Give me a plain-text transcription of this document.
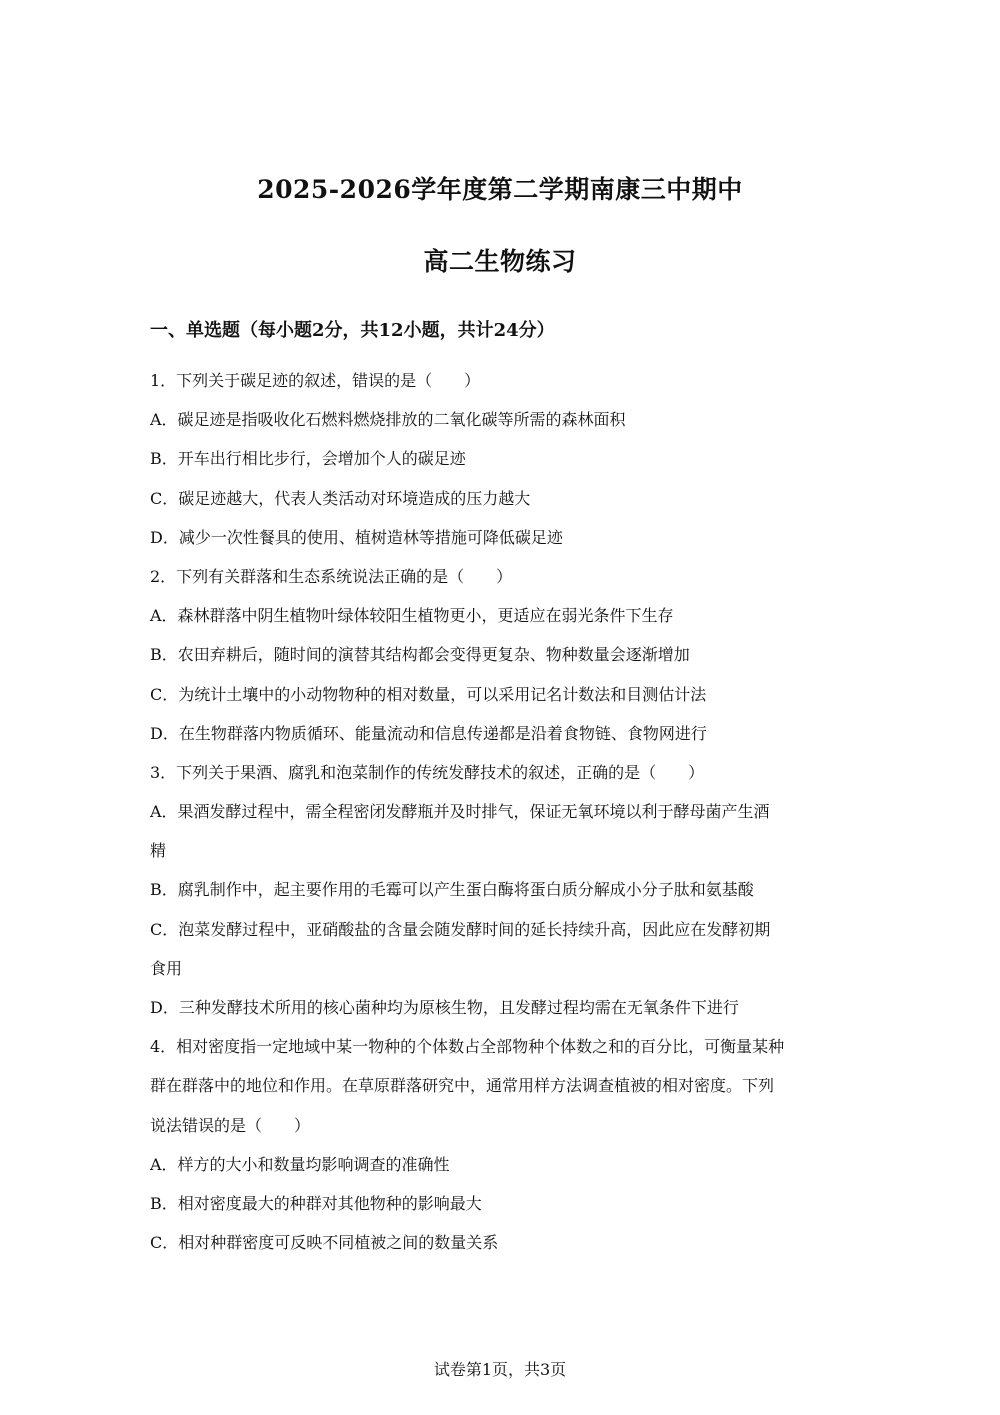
2025-2026学年度第二学期南康三中期中
高二生物练习
一、单选题（每小题2分，共12小题，共计24分）
1．下列关于碳足迹的叙述，错误的是（　　）
A．碳足迹是指吸收化石燃料燃烧排放的二氧化碳等所需的森林面积
B．开车出行相比步行，会增加个人的碳足迹
C．碳足迹越大，代表人类活动对环境造成的压力越大
D．减少一次性餐具的使用、植树造林等措施可降低碳足迹
2．下列有关群落和生态系统说法正确的是（　　）
A．森林群落中阴生植物叶绿体较阳生植物更小，更适应在弱光条件下生存
B．农田弃耕后，随时间的演替其结构都会变得更复杂、物种数量会逐渐增加
C．为统计土壤中的小动物物种的相对数量，可以采用记名计数法和目测估计法
D．在生物群落内物质循环、能量流动和信息传递都是沿着食物链、食物网进行
3．下列关于果酒、腐乳和泡菜制作的传统发酵技术的叙述，正确的是（　　）
A．果酒发酵过程中，需全程密闭发酵瓶并及时排气，保证无氧环境以利于酵母菌产生酒
精
B．腐乳制作中，起主要作用的毛霉可以产生蛋白酶将蛋白质分解成小分子肽和氨基酸
C．泡菜发酵过程中，亚硝酸盐的含量会随发酵时间的延长持续升高，因此应在发酵初期
食用
D．三种发酵技术所用的核心菌种均为原核生物，且发酵过程均需在无氧条件下进行
4．相对密度指一定地域中某一物种的个体数占全部物种个体数之和的百分比，可衡量某种
群在群落中的地位和作用。在草原群落研究中，通常用样方法调查植被的相对密度。下列
说法错误的是（　　）
A．样方的大小和数量均影响调查的准确性
B．相对密度最大的种群对其他物种的影响最大
C．相对种群密度可反映不同植被之间的数量关系
试卷第1页，共3页
